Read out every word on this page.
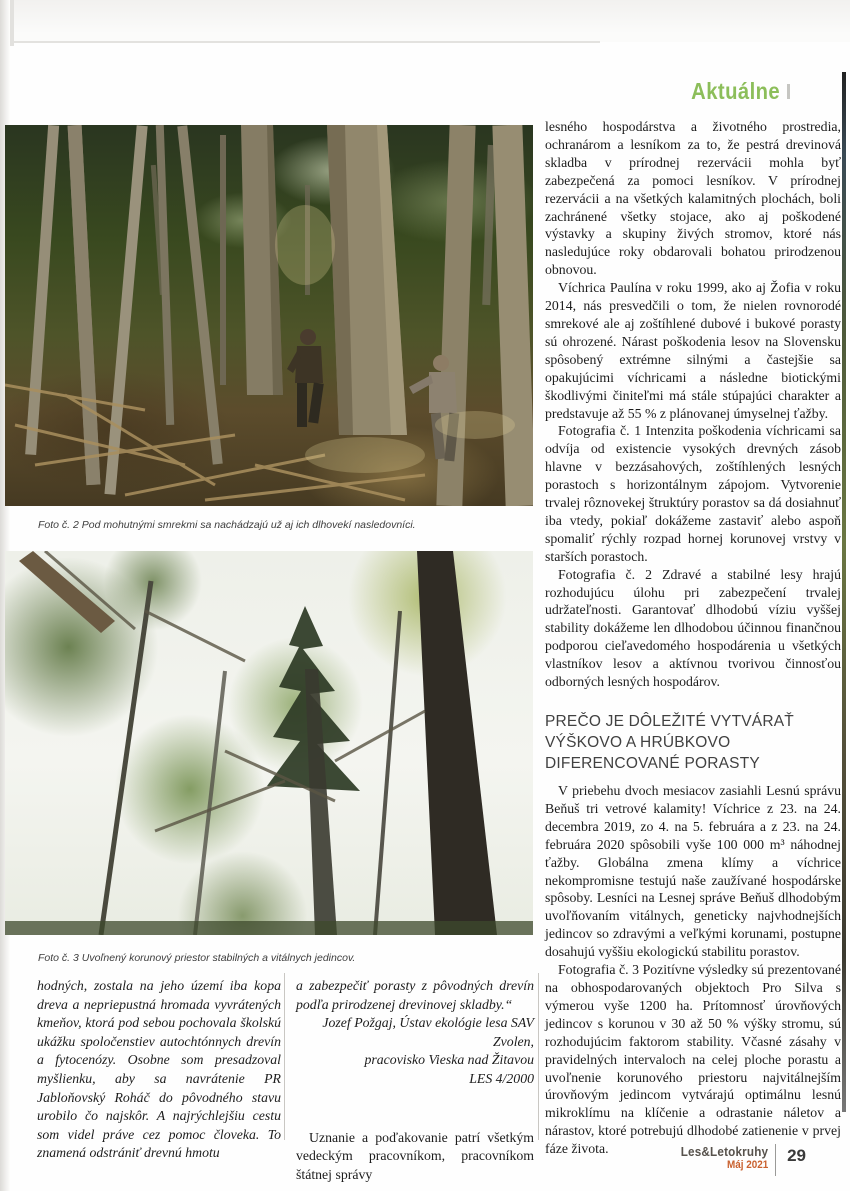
Aktuálne
Foto č. 2 Pod mohutnými smrekmi sa nachádzajú už aj ich dlhovekí nasledovníci.
Foto č. 3 Uvoľnený korunový priestor stabilných a vitálnych jedincov.

hodných, zostala na jeho území iba kopa dreva a nepriepustná hromada vyvrátených kmeňov, ktorá pod sebou pochovala školskú ukážku spoločenstiev autochtónnych drevín a fytocenózy. Osobne som presadzoval myšlienku, aby sa navrátenie PR Jabloňovský Roháč do pôvodného stavu urobilo čo najskôr. A najrýchlejšiu cestu som videl práve cez pomoc človeka. To znamená odstrániť drevnú hmotu

a zabezpečiť porasty z pôvodných drevín podľa prirodzenej drevinovej skladby.“

Jozef Požgaj, Ústav ekológie lesa SAV Zvolen,
pracovisko Vieska nad Žitavou
LES 4/2000

Uznanie a poďakovanie patrí všetkým vedeckým pracovníkom, pracovníkom štátnej správy

lesného hospodárstva a životného prostredia, ochranárom a lesníkom za to, že pestrá drevinová skladba v prírodnej rezervácii mohla byť zabezpečená za pomoci lesníkov. V prírodnej rezervácii a na všetkých kalamitných plochách, boli zachránené všetky stojace, ako aj poškodené výstavky a skupiny živých stromov, ktoré nás nasledujúce roky obdarovali bohatou prirodzenou obnovou.

Víchrica Paulína v roku 1999, ako aj Žofia v roku 2014, nás presvedčili o tom, že nielen rovnorodé smrekové ale aj zoštíhlené dubové i bukové porasty sú ohrozené. Nárast poškodenia lesov na Slovensku spôsobený extrémne silnými a častejšie sa opakujúcimi víchricami a následne biotickými škodlivými činiteľmi má stále stúpajúci charakter a predstavuje až 55 % z plánovanej úmyselnej ťažby.

Fotografia č. 1 Intenzita poškodenia víchricami sa odvíja od existencie vysokých drevných zásob hlavne v bezzásahových, zoštíhlených lesných porastoch s horizontálnym zápojom. Vytvorenie trvalej rôznovekej štruktúry porastov sa dá dosiahnuť iba vtedy, pokiaľ dokážeme zastaviť alebo aspoň spomaliť rýchly rozpad hornej korunovej vrstvy v starších porastoch.

Fotografia č. 2 Zdravé a stabilné lesy hrajú rozhodujúcu úlohu pri zabezpečení trvalej udržateľnosti. Garantovať dlhodobú víziu vyššej stability dokážeme len dlhodobou účinnou finančnou podporou cieľavedomého hospodárenia u všetkých vlastníkov lesov a aktívnou tvorivou činnosťou odborných lesných hospodárov.

PREČO JE DÔLEŽITÉ VYTVÁRAŤ VÝŠKOVO A HRÚBKOVO DIFERENCOVANÉ PORASTY

V priebehu dvoch mesiacov zasiahli Lesnú správu Beňuš tri vetrové kalamity! Víchrice z 23. na 24. decembra 2019, zo 4. na 5. februára a z 23. na 24. februára 2020 spôsobili vyše 100 000 m³ náhodnej ťažby. Globálna zmena klímy a víchrice nekompromisne testujú naše zaužívané hospodárske spôsoby. Lesníci na Lesnej správe Beňuš dlhodobým uvoľňovaním vitálnych, geneticky najvhodnejších jedincov so zdravými a veľkými korunami, postupne dosahujú vyššiu ekologickú stabilitu porastov.

Fotografia č. 3 Pozitívne výsledky sú prezentované na obhospodarovaných objektoch Pro Silva s výmerou vyše 1200 ha. Prítomnosť úrovňových jedincov s korunou v 30 až 50 % výšky stromu, sú rozhodujúcim faktorom stability. Včasné zásahy v pravidelných intervaloch na celej ploche porastu a uvoľnenie korunového priestoru najvitálnejším úrovňovým jedincom vytvárajú optimálnu lesnú mikroklímu na klíčenie a odrastanie náletov a nárastov, ktoré potrebujú dlhodobé zatienenie v prvej fáze života.	Les&Letokruhy
Máj 2021 29
